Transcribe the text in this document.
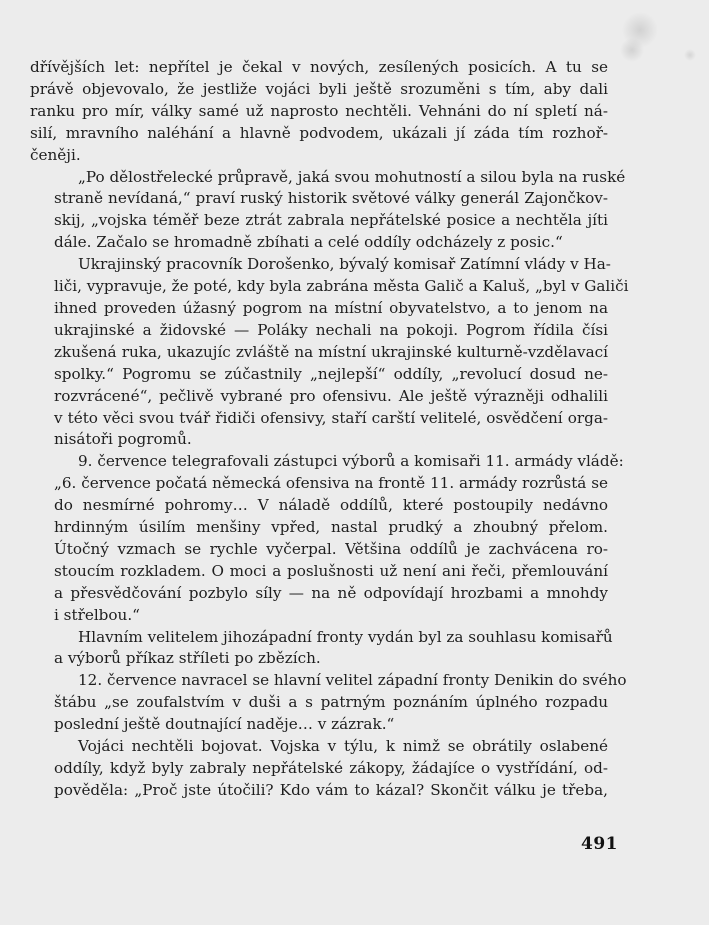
dřívějších let: nepřítel je čekal v nových, zesílených posicích. A tu se
právě objevovalo, že jestliže vojáci byli ještě srozuměni s tím, aby dali
ranku pro mír, války samé už naprosto nechtěli. Vehnáni do ní spletí ná-
silí, mravního naléhání a hlavně podvodem, ukázali jí záda tím rozhoř-
čeněji.
„Po dělostřelecké průpravě, jaká svou mohutností a silou byla na ruské
straně nevídaná,“ praví ruský historik světové války generál Zajončkov-
skij, „vojska téměř beze ztrát zabrala nepřátelské posice a nechtěla jíti
dále. Začalo se hromadně zbíhati a celé oddíly odcházely z posic.“
Ukrajinský pracovník Dorošenko, bývalý komisař Zatímní vlády v Ha-
liči, vypravuje, že poté, kdy byla zabrána města Galič a Kaluš, „byl v Galiči
ihned proveden úžasný pogrom na místní obyvatelstvo, a to jenom na
ukrajinské a židovské — Poláky nechali na pokoji. Pogrom řídila čísi
zkušená ruka, ukazujíc zvláště na místní ukrajinské kulturně-vzdělavací
spolky.“ Pogromu se zúčastnily „nejlepší“ oddíly, „revolucí dosud ne-
rozvrácené“, pečlivě vybrané pro ofensivu. Ale ještě výrazněji odhalili
v této věci svou tvář řidiči ofensivy, staří carští velitelé, osvědčení orga-
nisátoři pogromů.
9. července telegrafovali zástupci výborů a komisaři 11. armády vládě:
„6. července počatá německá ofensiva na frontě 11. armády rozrůstá se
do nesmírné pohromy… V náladě oddílů, které postoupily nedávno
hrdinným úsilím menšiny vpřed, nastal prudký a zhoubný přelom.
Útočný vzmach se rychle vyčerpal. Většina oddílů je zachvácena ro-
stoucím rozkladem. O moci a poslušnosti už není ani řeči, přemlouvání
a přesvědčování pozbylo síly — na ně odpovídají hrozbami a mnohdy
i střelbou.“
Hlavním velitelem jihozápadní fronty vydán byl za souhlasu komisařů
a výborů příkaz stříleti po zbězích.
12. července navracel se hlavní velitel západní fronty Denikin do svého
štábu „se zoufalstvím v duši a s patrným poznáním úplného rozpadu
poslední ještě doutnající naděje… v zázrak.“
Vojáci nechtěli bojovat. Vojska v týlu, k nimž se obrátily oslabené
oddíly, když byly zabraly nepřátelské zákopy, žádajíce o vystřídání, od-
pověděla: „Proč jste útočili? Kdo vám to kázal? Skončit válku je třeba,
491
